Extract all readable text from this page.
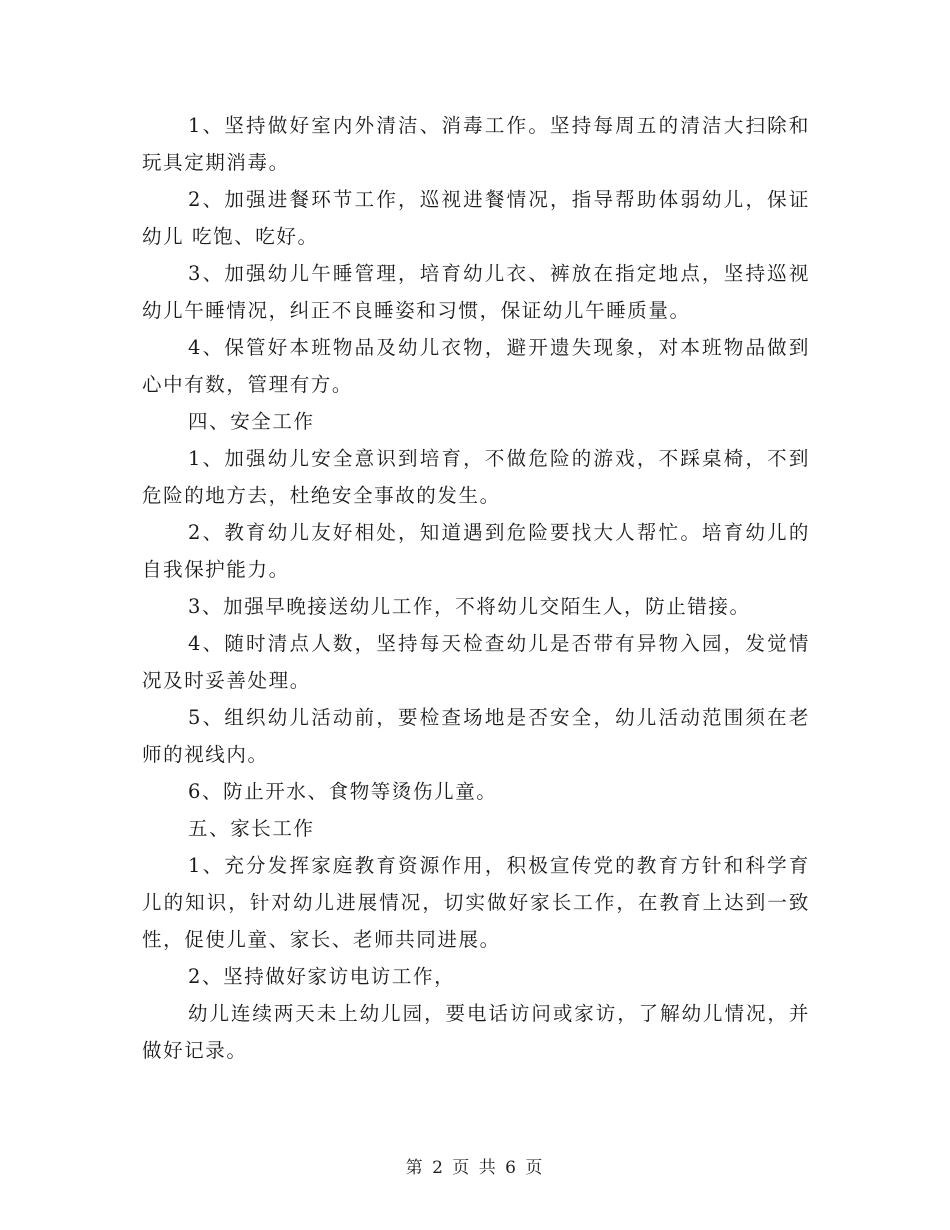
1、坚持做好室内外清洁、消毒工作。坚持每周五的清洁大扫除和玩具定期消毒。

2、加强进餐环节工作，巡视进餐情况，指导帮助体弱幼儿，保证幼儿 吃饱、吃好。

3、加强幼儿午睡管理，培育幼儿衣、裤放在指定地点，坚持巡视幼儿午睡情况，纠正不良睡姿和习惯，保证幼儿午睡质量。

4、保管好本班物品及幼儿衣物，避开遗失现象，对本班物品做到心中有数，管理有方。

四、安全工作

1、加强幼儿安全意识到培育，不做危险的游戏，不踩桌椅，不到危险的地方去，杜绝安全事故的发生。

2、教育幼儿友好相处，知道遇到危险要找大人帮忙。培育幼儿的自我保护能力。

3、加强早晚接送幼儿工作，不将幼儿交陌生人，防止错接。

4、随时清点人数，坚持每天检查幼儿是否带有异物入园，发觉情况及时妥善处理。

5、组织幼儿活动前，要检查场地是否安全，幼儿活动范围须在老师的视线内。

6、防止开水、食物等烫伤儿童。

五、家长工作

1、充分发挥家庭教育资源作用，积极宣传党的教育方针和科学育儿的知识，针对幼儿进展情况，切实做好家长工作，在教育上达到一致性，促使儿童、家长、老师共同进展。

2、坚持做好家访电访工作，

幼儿连续两天未上幼儿园，要电话访问或家访，了解幼儿情况，并做好记录。

第 2 页 共 6 页
